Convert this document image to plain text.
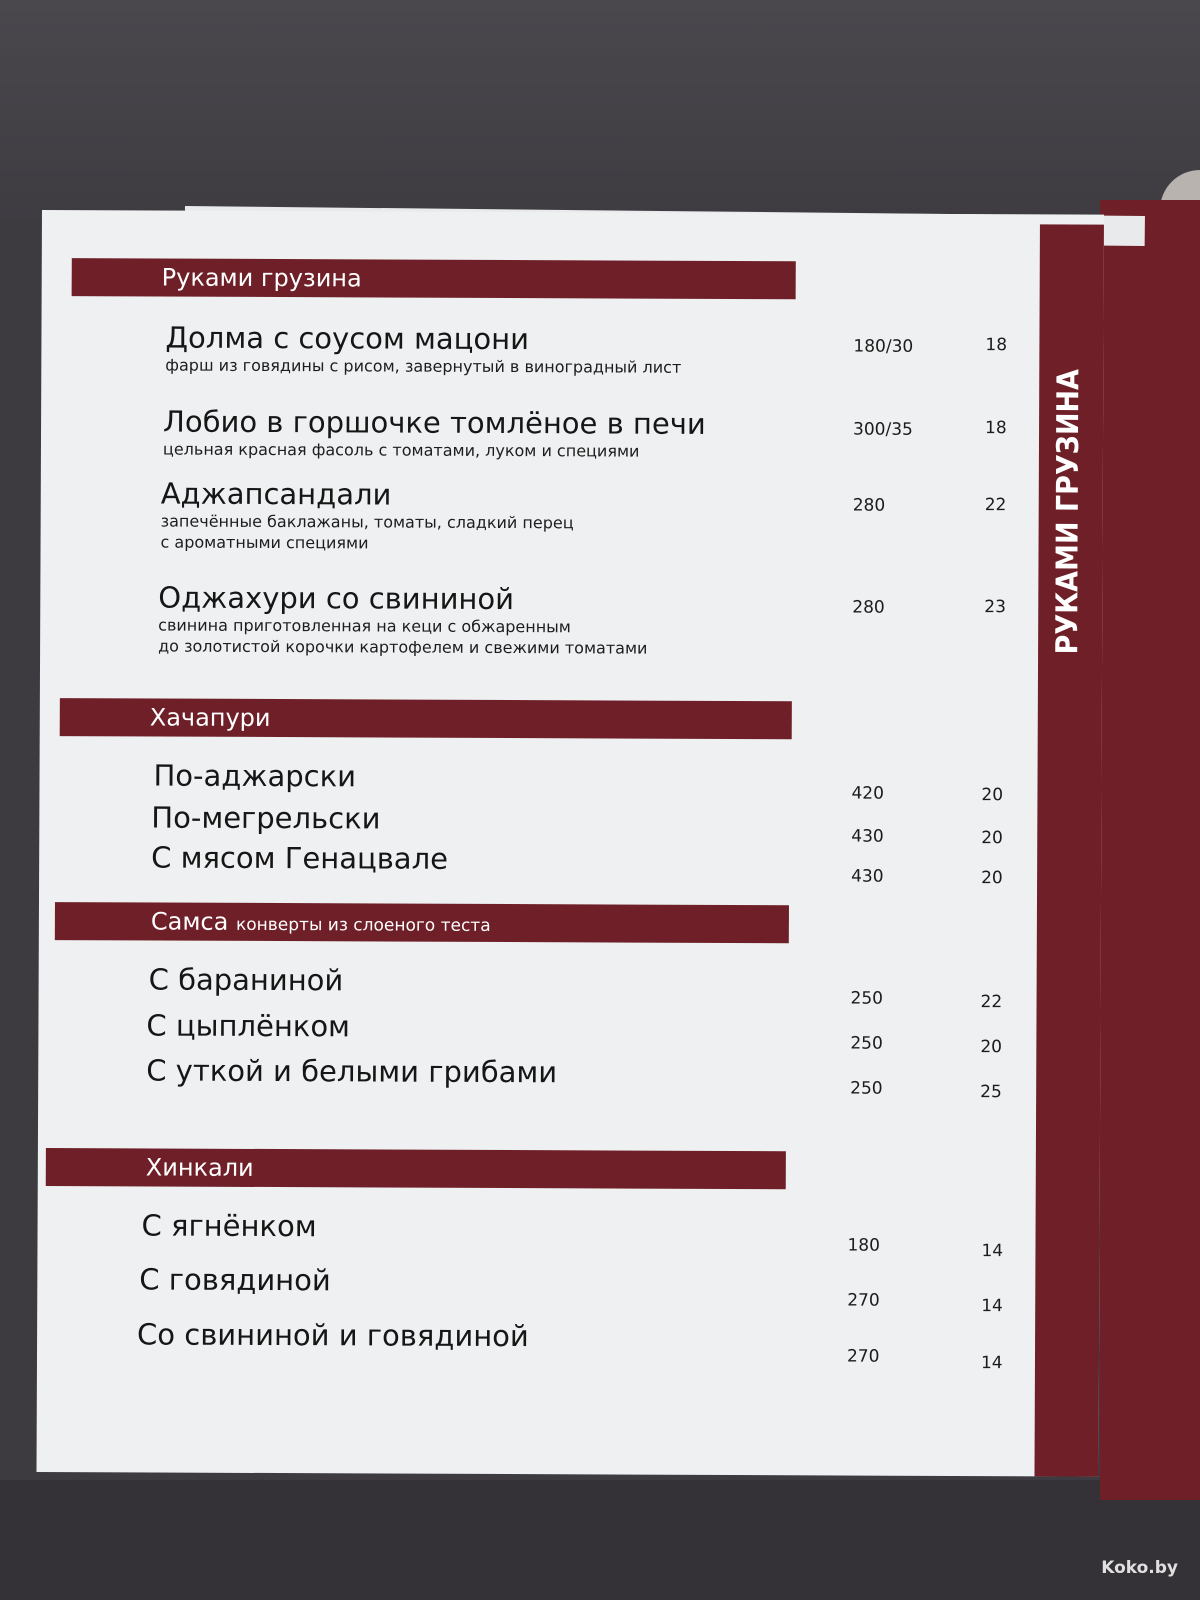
РУКАМИ ГРУЗИНА
Руками грузина
Долма с соусом мацони
фарш из говядины с рисом, завернутый в виноградный лист
180/30	18
Лобио в горшочке томлёное в печи
цельная красная фасоль с томатами, луком и специями
300/35	18
Аджапсандали
запечённые баклажаны, томаты, сладкий перец
с ароматными специями
280	22
Оджахури со свининой
свинина приготовленная на кеци с обжаренным
до золотистой корочки картофелем и свежими томатами
280	23
Хачапури
По-аджарски
420	20
По-мегрельски
430	20
С мясом Генацвале
430	20
Самса конверты из слоеного теста
С бараниной
250	22
С цыплёнком
250	20
С уткой и белыми грибами	250	25
Хинкали
С ягнёнком
180	14
С говядиной
270	14
Со свининой и говядиной
270	14
Koko.by
